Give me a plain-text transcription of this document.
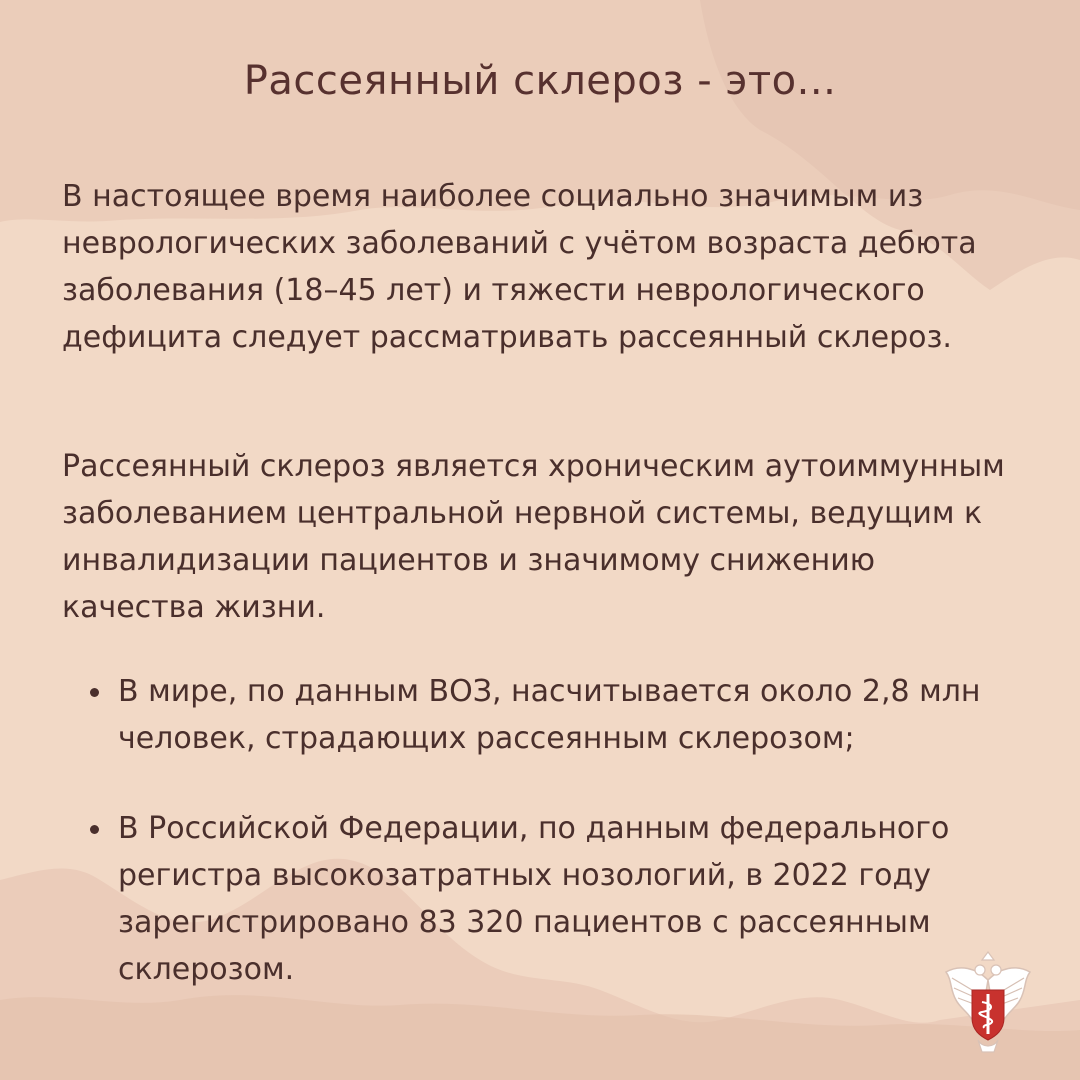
Рассеянный склероз - это...

В настоящее время наиболее социально значимым из неврологических заболеваний с учётом возраста дебюта заболевания (18–45 лет) и тяжести неврологического дефицита следует рассматривать рассеянный склероз.

Рассеянный склероз является хроническим аутоиммунным заболеванием центральной нервной системы, ведущим к инвалидизации пациентов и значимому снижению качества жизни.

В мире, по данным ВОЗ, насчитывается около 2,8 млн человек, страдающих рассеянным склерозом;

В Российской Федерации, по данным федерального регистра высокозатратных нозологий, в 2022 году зарегистрировано 83 320 пациентов с рассеянным склерозом.
